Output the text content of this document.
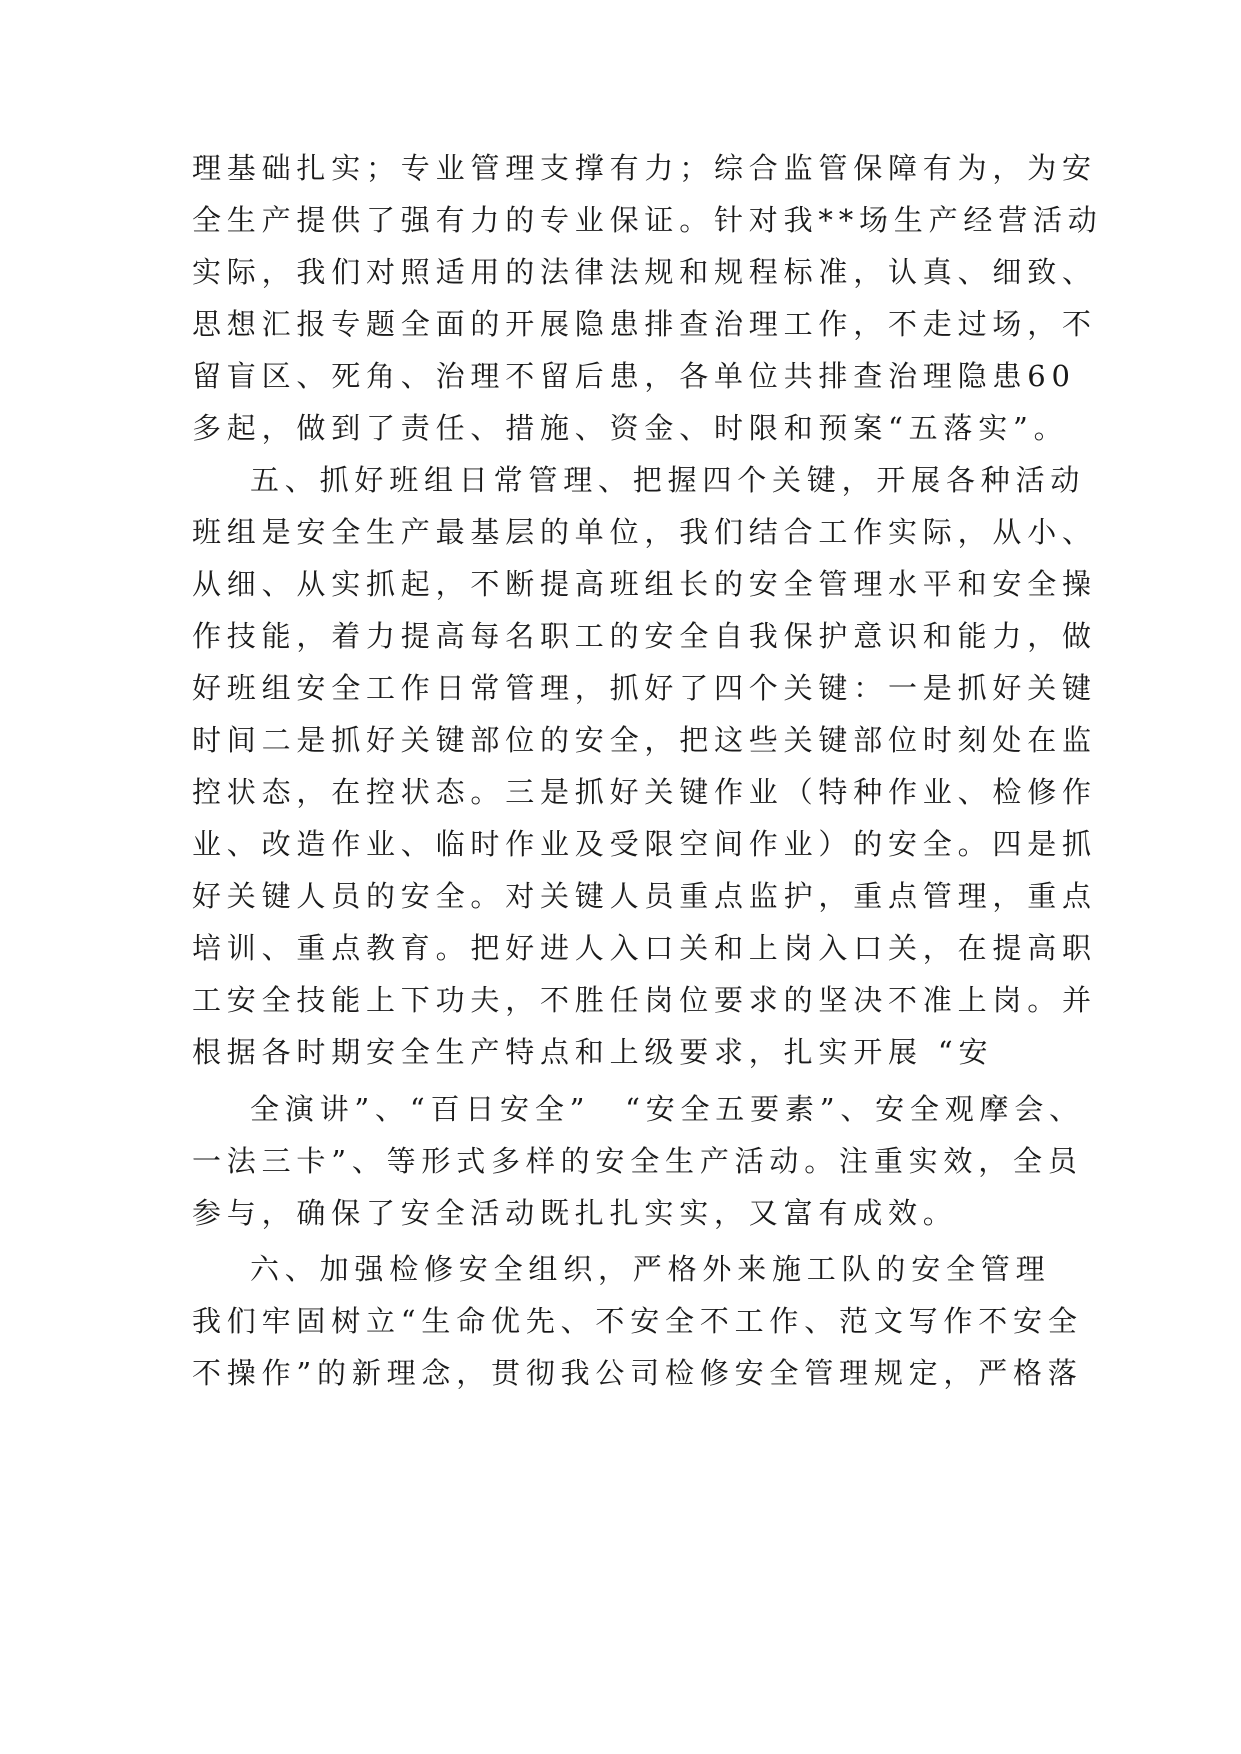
理基础扎实；专业管理支撑有力；综合监管保障有为，为安
全生产提供了强有力的专业保证。针对我**场生产经营活动
实际，我们对照适用的法律法规和规程标准，认真、细致、
思想汇报专题全面的开展隐患排查治理工作，不走过场，不
留盲区、死角、治理不留后患，各单位共排查治理隐患60
多起，做到了责任、措施、资金、时限和预案“五落实”。
五、抓好班组日常管理、把握四个关键，开展各种活动
班组是安全生产最基层的单位，我们结合工作实际，从小、
从细、从实抓起，不断提高班组长的安全管理水平和安全操
作技能，着力提高每名职工的安全自我保护意识和能力，做
好班组安全工作日常管理，抓好了四个关键：一是抓好关键
时间二是抓好关键部位的安全，把这些关键部位时刻处在监
控状态，在控状态。三是抓好关键作业（特种作业、检修作
业、改造作业、临时作业及受限空间作业）的安全。四是抓
好关键人员的安全。对关键人员重点监护，重点管理，重点
培训、重点教育。把好进人入口关和上岗入口关，在提高职
工安全技能上下功夫，不胜任岗位要求的坚决不准上岗。并
根据各时期安全生产特点和上级要求，扎实开展 “安
全演讲”、“百日安全”　“安全五要素”、安全观摩会、
一法三卡”、等形式多样的安全生产活动。注重实效，全员
参与，确保了安全活动既扎扎实实，又富有成效。
六、加强检修安全组织，严格外来施工队的安全管理
我们牢固树立“生命优先、不安全不工作、范文写作不安全
不操作”的新理念，贯彻我公司检修安全管理规定，严格落
